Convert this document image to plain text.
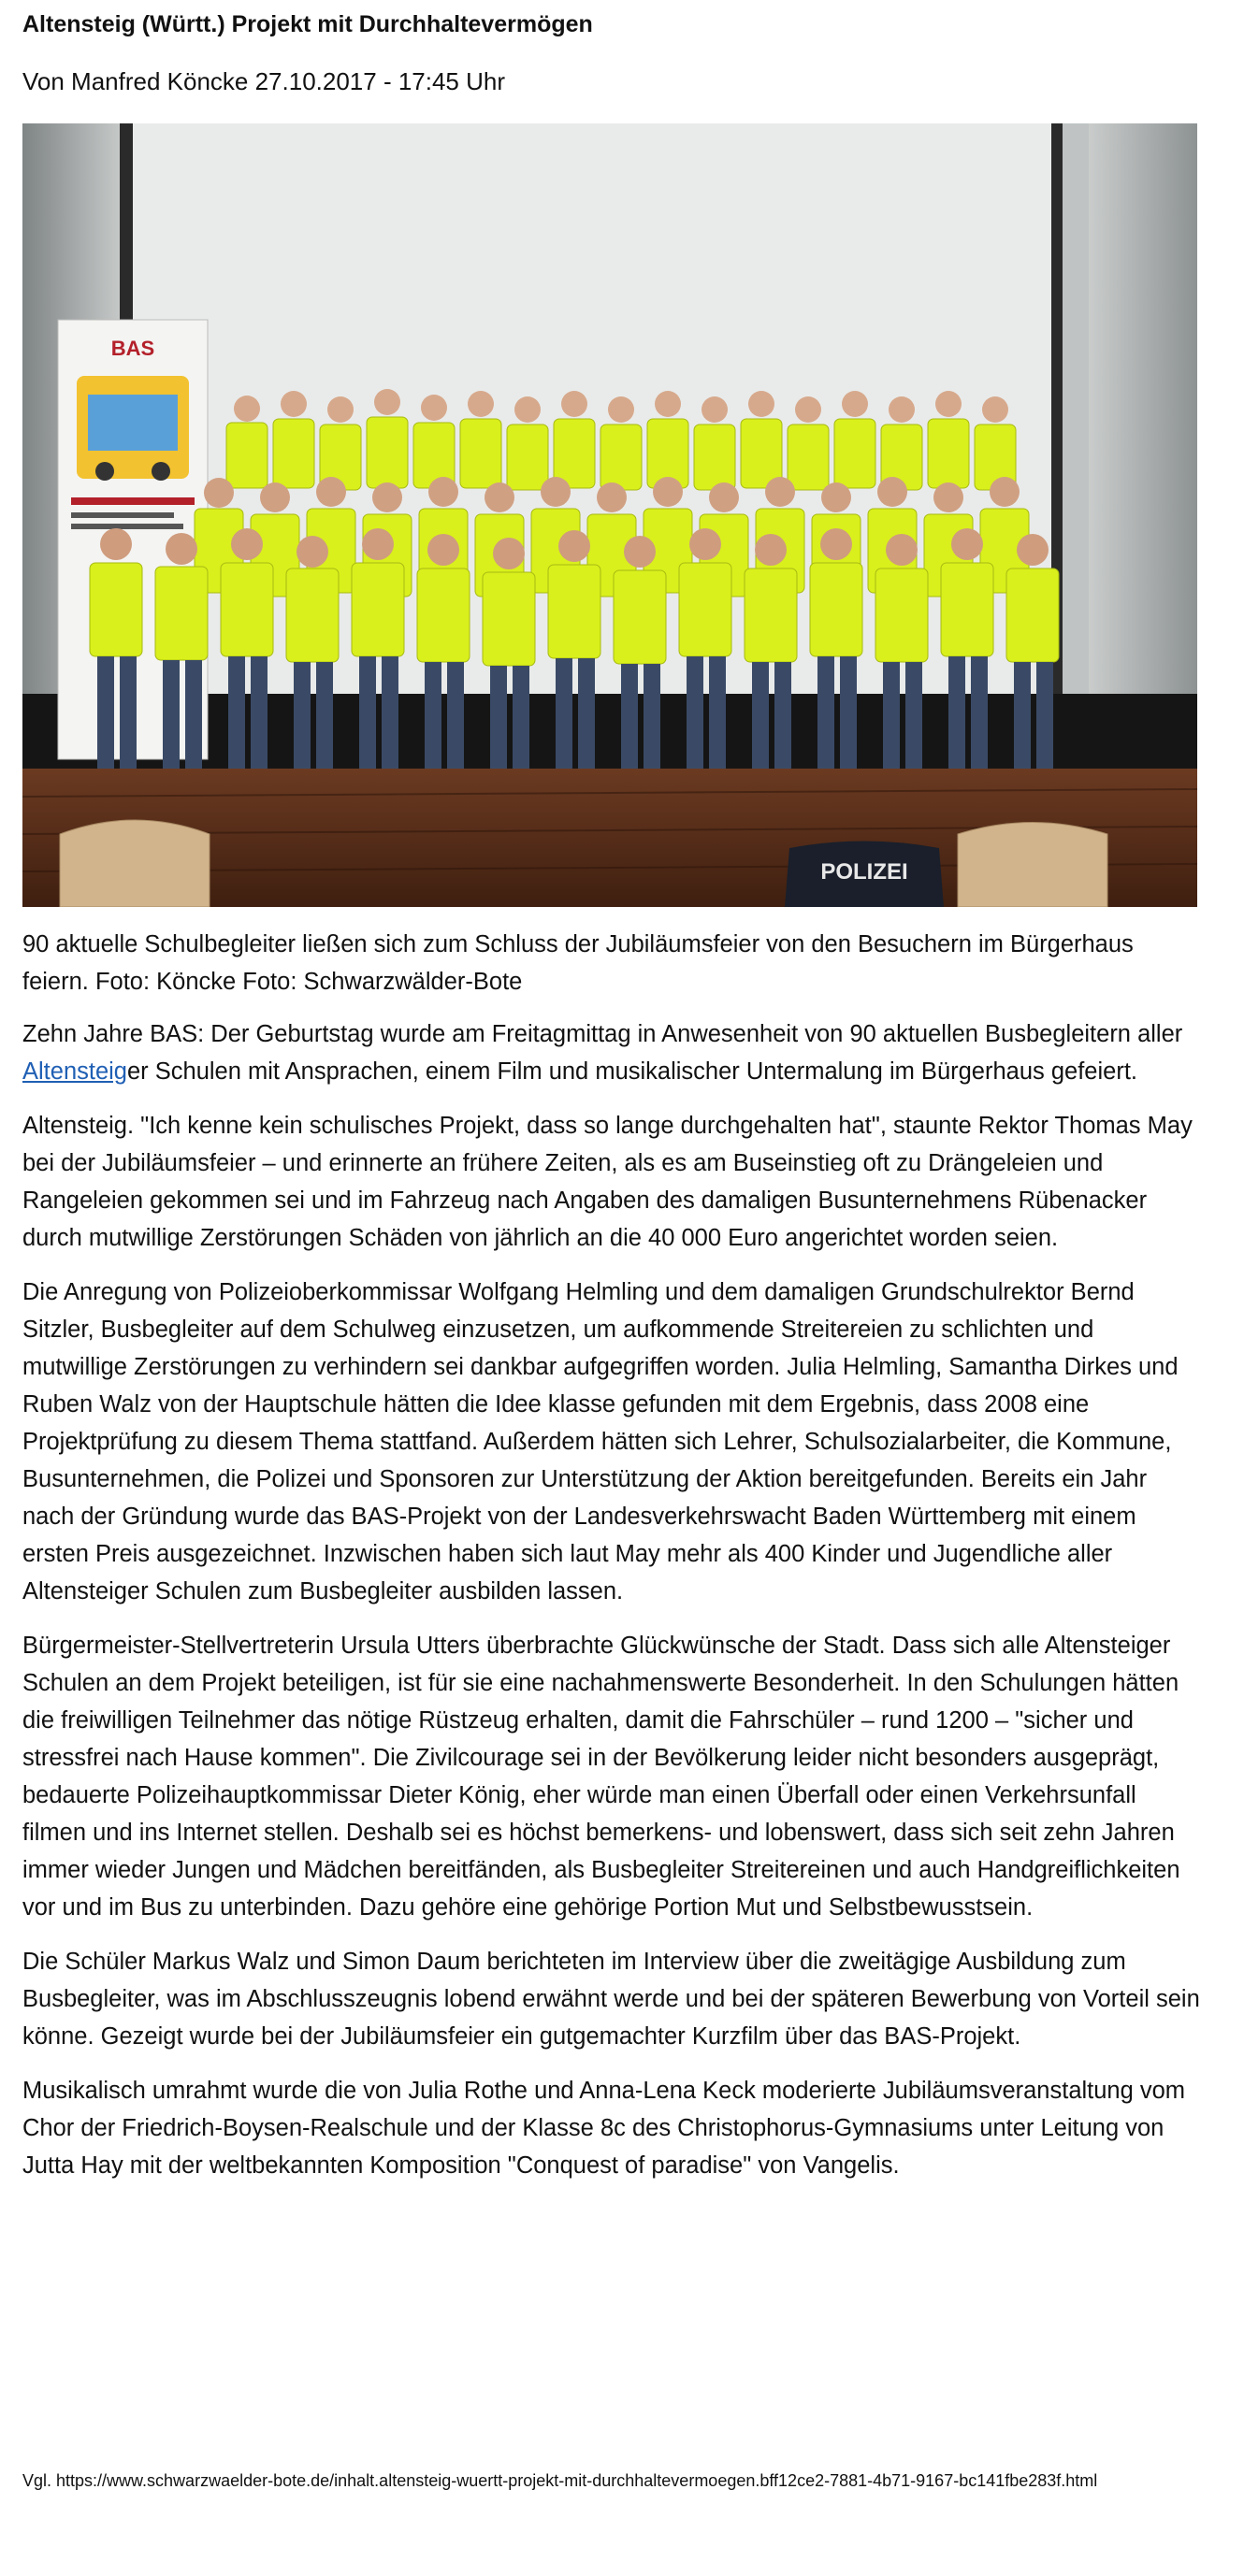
Altensteig (Württ.) Projekt mit Durchhaltevermögen
Von Manfred Köncke 27.10.2017 - 17:45 Uhr
BAS
POLIZEI

90 aktuelle Schulbegleiter ließen sich zum Schluss der Jubiläumsfeier von den Besuchern im Bürgerhaus feiern. Foto: Köncke Foto: Schwarzwälder-Bote

Zehn Jahre BAS: Der Geburtstag wurde am Freitagmittag in Anwesenheit von 90 aktuellen Busbegleitern aller Altensteiger Schulen mit Ansprachen, einem Film und musikalischer Untermalung im Bürgerhaus gefeiert.

Altensteig. "Ich kenne kein schulisches Projekt, dass so lange durchgehalten hat", staunte Rektor Thomas May bei der Jubiläumsfeier – und erinnerte an frühere Zeiten, als es am Buseinstieg oft zu Drängeleien und Rangeleien gekommen sei und im Fahrzeug nach Angaben des damaligen Busunternehmens Rübenacker durch mutwillige Zerstörungen Schäden von jährlich an die 40 000 Euro angerichtet worden seien.

Die Anregung von Polizeioberkommissar Wolfgang Helmling und dem damaligen Grundschulrektor Bernd Sitzler, Busbegleiter auf dem Schulweg einzusetzen, um aufkommende Streitereien zu schlichten und mutwillige Zerstörungen zu verhindern sei dankbar aufgegriffen worden. Julia Helmling, Samantha Dirkes und Ruben Walz von der Hauptschule hätten die Idee klasse gefunden mit dem Ergebnis, dass 2008 eine Projektprüfung zu diesem Thema stattfand. Außerdem hätten sich Lehrer, Schulsozialarbeiter, die Kommune, Busunternehmen, die Polizei und Sponsoren zur Unterstützung der Aktion bereitgefunden. Bereits ein Jahr nach der Gründung wurde das BAS-Projekt von der Landesverkehrswacht Baden Württemberg mit einem ersten Preis ausgezeichnet. Inzwischen haben sich laut May mehr als 400 Kinder und Jugendliche aller Altensteiger Schulen zum Busbegleiter ausbilden lassen.

Bürgermeister-Stellvertreterin Ursula Utters überbrachte Glückwünsche der Stadt. Dass sich alle Altensteiger Schulen an dem Projekt beteiligen, ist für sie eine nachahmenswerte Besonderheit. In den Schulungen hätten die freiwilligen Teilnehmer das nötige Rüstzeug erhalten, damit die Fahrschüler – rund 1200 – "sicher und stressfrei nach Hause kommen". Die Zivilcourage sei in der Bevölkerung leider nicht besonders ausgeprägt, bedauerte Polizeihauptkommissar Dieter König, eher würde man einen Überfall oder einen Verkehrsunfall filmen und ins Internet stellen. Deshalb sei es höchst bemerkens- und lobenswert, dass sich seit zehn Jahren immer wieder Jungen und Mädchen bereitfänden, als Busbegleiter Streitereinen und auch Handgreiflichkeiten vor und im Bus zu unterbinden. Dazu gehöre eine gehörige Portion Mut und Selbstbewusstsein.

Die Schüler Markus Walz und Simon Daum berichteten im Interview über die zweitägige Ausbildung zum Busbegleiter, was im Abschlusszeugnis lobend erwähnt werde und bei der späteren Bewerbung von Vorteil sein könne. Gezeigt wurde bei der Jubiläumsfeier ein gutgemachter Kurzfilm über das BAS-Projekt.

Musikalisch umrahmt wurde die von Julia Rothe und Anna-Lena Keck moderierte Jubiläumsveranstaltung vom Chor der Friedrich-Boysen-Realschule und der Klasse 8c des Christophorus-Gymnasiums unter Leitung von Jutta Hay mit der weltbekannten Komposition "Conquest of paradise" von Vangelis.

Vgl. https://www.schwarzwaelder-bote.de/inhalt.altensteig-wuertt-projekt-mit-durchhaltevermoegen.bff12ce2-7881-4b71-9167-bc141fbe283f.html
